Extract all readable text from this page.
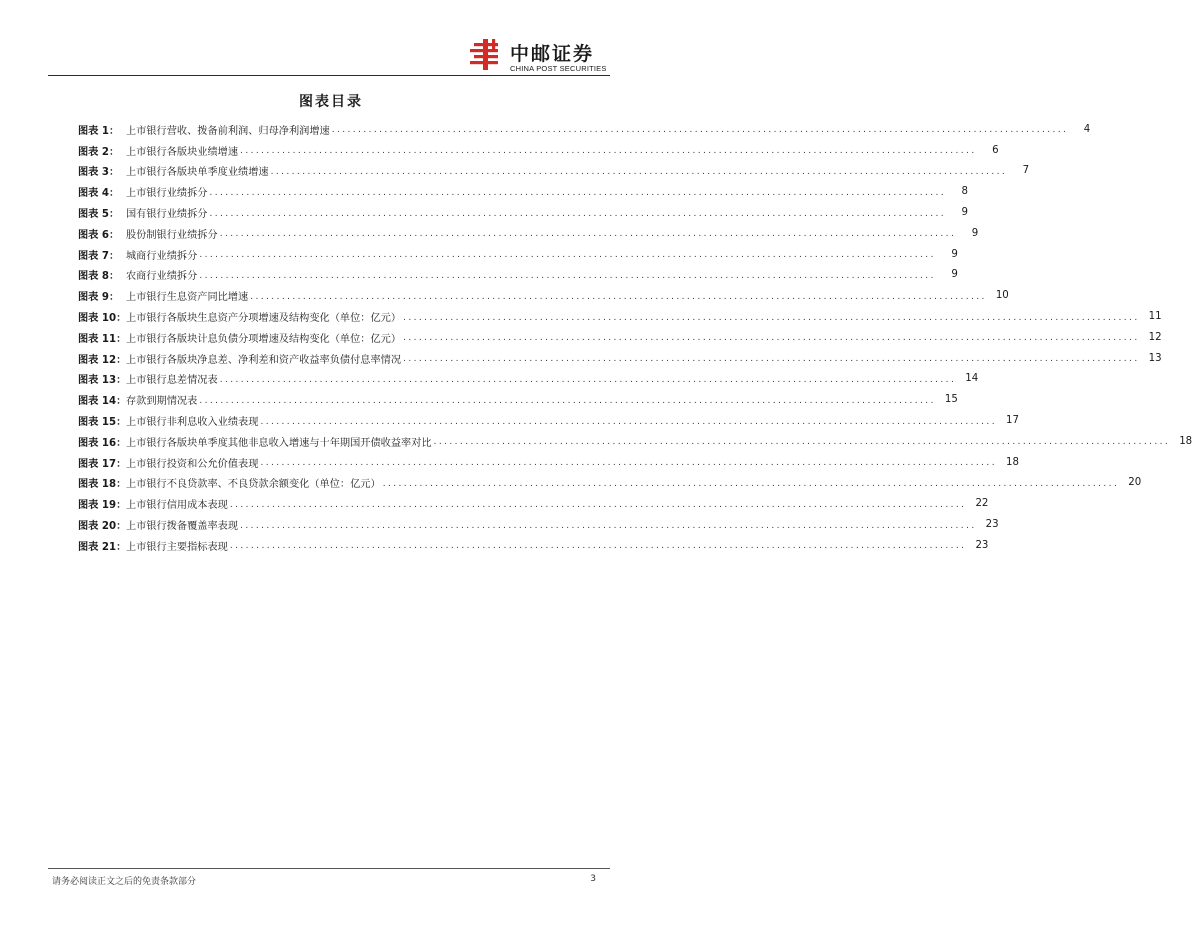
中邮证券
CHINA POST SECURITIES
图表目录
图表 1： 上市银行营收、拨备前利润、归母净利润增速 ............................................................................................................................................	4
图表 2： 上市银行各版块业绩增速 ............................................................................................................................................	6
图表 3： 上市银行各版块单季度业绩增速 ............................................................................................................................................	7
图表 4： 上市银行业绩拆分 ............................................................................................................................................	8
图表 5： 国有银行业绩拆分 ............................................................................................................................................	9
图表 6： 股份制银行业绩拆分 ............................................................................................................................................	9
图表 7： 城商行业绩拆分 ............................................................................................................................................	9
图表 8： 农商行业绩拆分 ............................................................................................................................................	9
图表 9： 上市银行生息资产同比增速 ............................................................................................................................................ 10
图表 10： 上市银行各版块生息资产分项增速及结构变化（单位：亿元） ............................................................................................................................................ 11
图表 11： 上市银行各版块计息负债分项增速及结构变化（单位：亿元） ............................................................................................................................................ 12
图表 12： 上市银行各版块净息差、净利差和资产收益率负债付息率情况 ............................................................................................................................................ 13
图表 13： 上市银行息差情况表 ............................................................................................................................................ 14
图表 14： 存款到期情况表 ............................................................................................................................................ 15
图表 15： 上市银行非利息收入业绩表现 ............................................................................................................................................ 17
图表 16： 上市银行各版块单季度其他非息收入增速与十年期国开债收益率对比 ............................................................................................................................................ 18
图表 17： 上市银行投资和公允价值表现 ............................................................................................................................................ 18
图表 18： 上市银行不良贷款率、不良贷款余额变化（单位：亿元） ............................................................................................................................................ 20
图表 19： 上市银行信用成本表现 ............................................................................................................................................ 22
图表 20： 上市银行拨备覆盖率表现 ............................................................................................................................................ 23
图表 21： 上市银行主要指标表现 ............................................................................................................................................ 23
请务必阅读正文之后的免责条款部分	3
